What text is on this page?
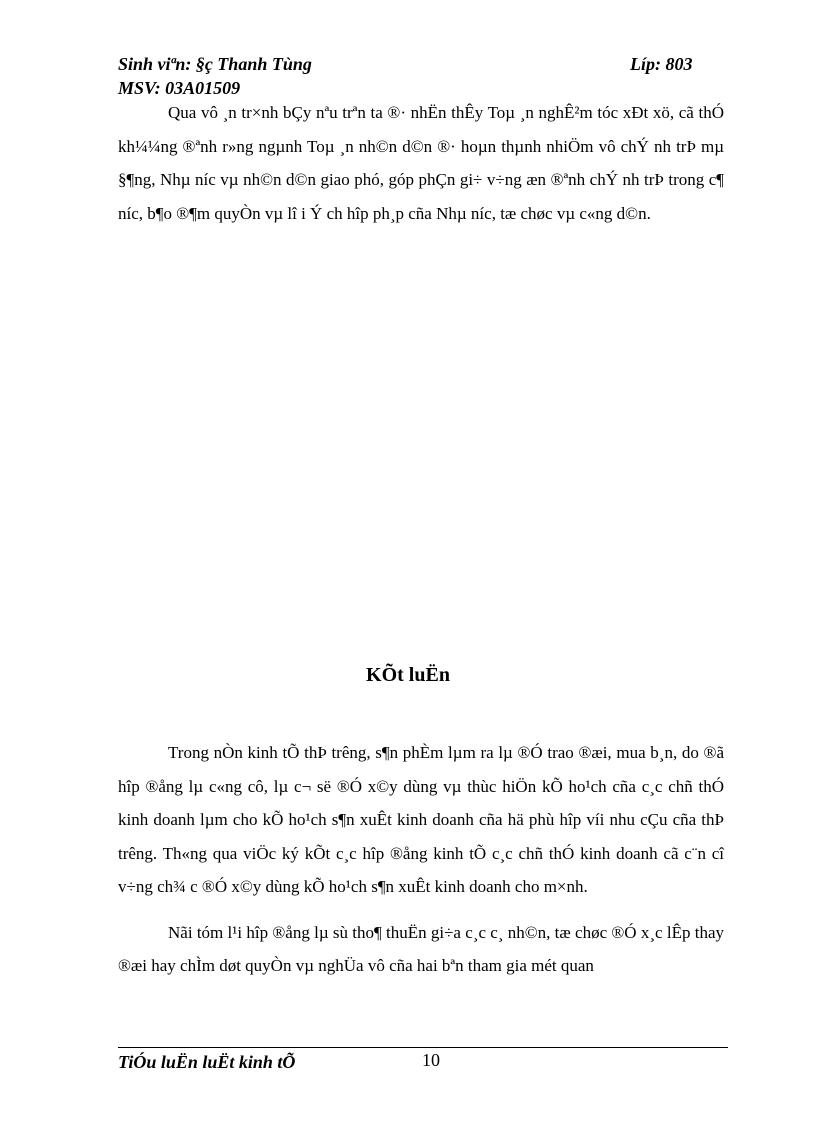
Sinh viªn: §ç Thanh Tùng
MSV: 03A01509
Líp: 803

Qua vô ¸n tr×nh bÇy nªu trªn ta ®· nhËn thÊy Toµ ¸n nghÊ²m tóc xÐt xö, cã thÓ kh¼¼ng ®ªnh r»ng ngµnh Toµ ¸n nh©n d©n ®· hoµn thµnh nhiÖm vô chÝ nh trÞ mµ §¶ng, Nhµ níc vµ nh©n d©n giao phó, góp phÇn gi÷ v÷ng æn ®ªnh chÝ nh trÞ trong c¶ níc, b¶o ®¶m quyÒn vµ lî i Ý ch hîp ph¸p cña Nhµ níc, tæ chøc vµ c«ng d©n.

KÕt luËn

Trong nÒn kinh tÕ thÞ trêng, s¶n phÈm lµm ra lµ ®Ó trao ®æi, mua b¸n, do ®ã hîp ®ång lµ c«ng cô, lµ c¬ së ®Ó x©y dùng vµ thùc hiÖn kÕ ho¹ch cña c¸c chñ thÓ kinh doanh lµm cho kÕ ho¹ch s¶n xuÊt kinh doanh cña hä phù hîp víi nhu cÇu cña thÞ trêng. Th«ng qua viÖc ký kÕt c¸c hîp ®ång kinh tÕ c¸c chñ thÓ kinh doanh cã c¨n cî v÷ng ch¾ c ®Ó x©y dùng kÕ ho¹ch s¶n xuÊt kinh doanh cho m×nh.

Nãi tóm l¹i hîp ®ång lµ sù tho¶ thuËn gi÷a c¸c c¸ nh©n, tæ chøc ®Ó x¸c lÊp thay ®æi hay chÌm døt quyÒn vµ nghÜa vô cña hai bªn tham gia mét quan

TiÓu luËn luËt kinh tÕ	10
